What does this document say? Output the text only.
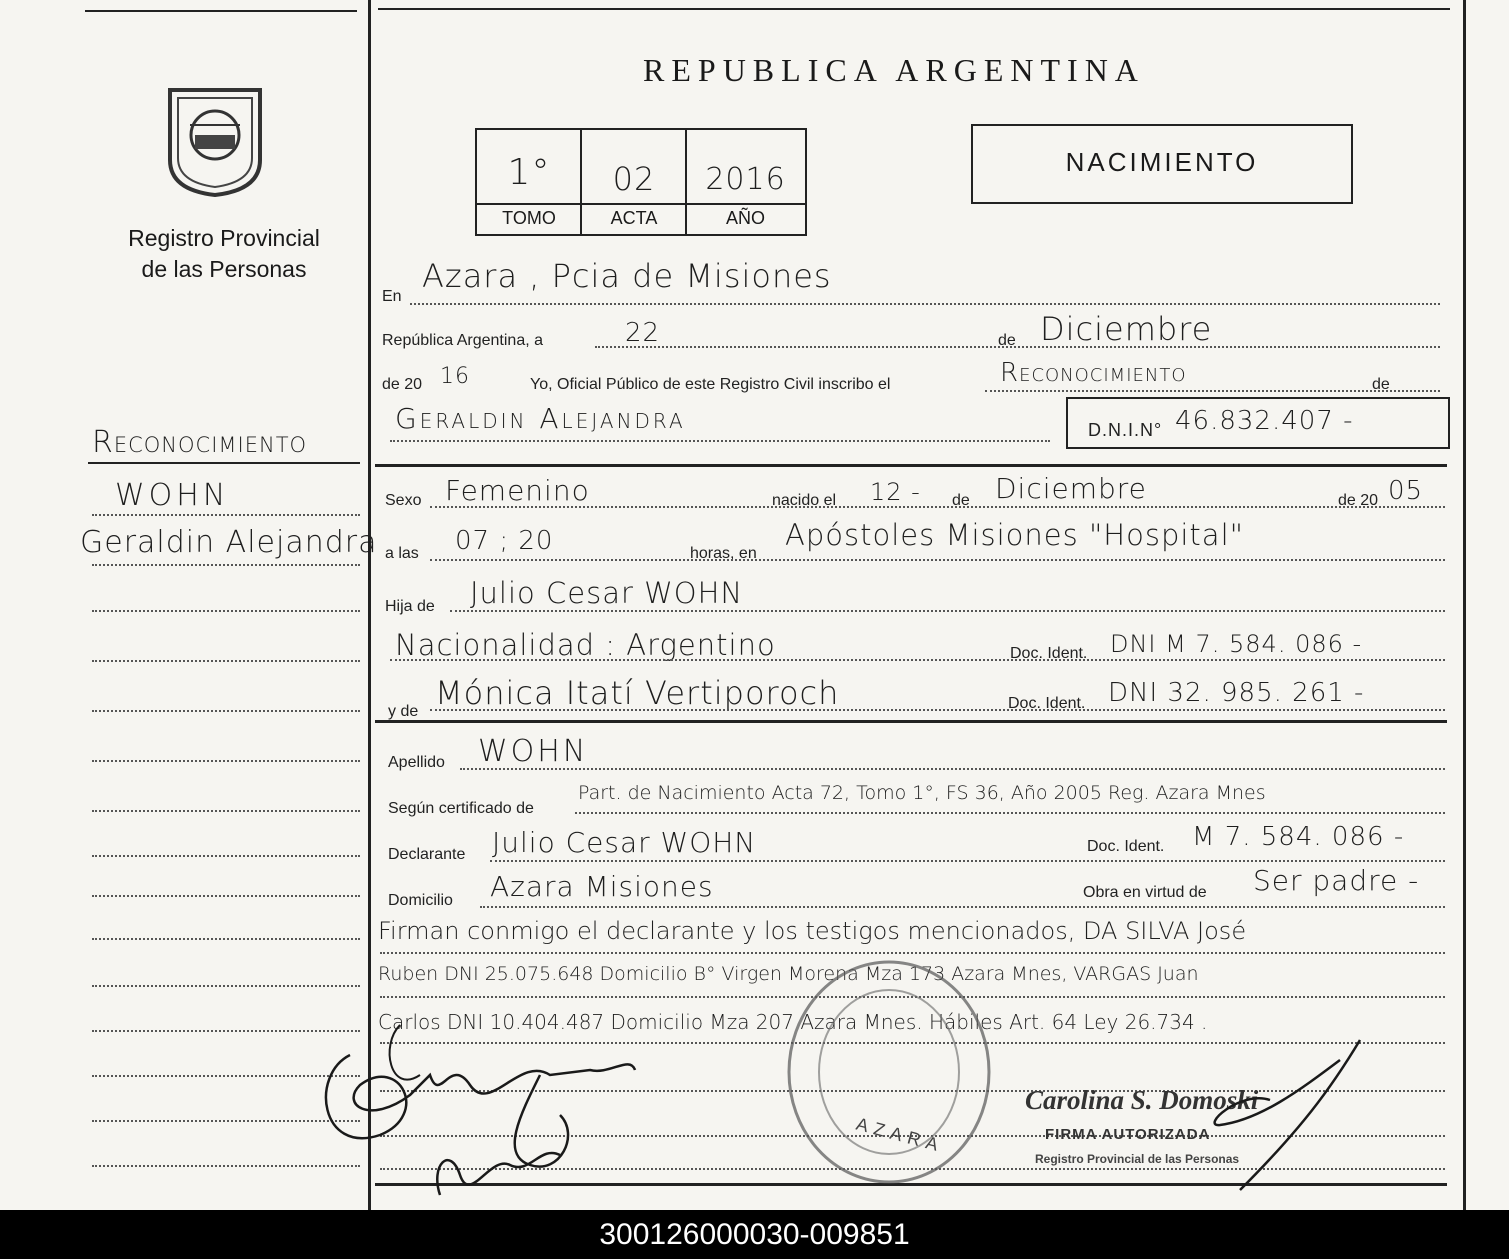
Registro Provincial
de las Personas
Reconocimiento
WOHN
Geraldin Alejandra
REPUBLICA ARGENTINA
1°	02	2016
TOMO	ACTA	AÑO
NACIMIENTO
En
Azara , Pcia de Misiones
República Argentina, a	22	de Diciembre
de 20 16	Yo, Oficial Público de este Registro Civil inscribo el	Reconocimiento	de
Geraldin Alejandra	D.N.I.N° 46.832.407 -
Sexo Femenino	nacido el 12 - de Diciembre	de 20 05
a las 07 ; 20	horas, en
Apóstoles Misiones "Hospital"
Hija de Julio Cesar WOHN
Nacionalidad : Argentino	Doc. Ident. DNI M 7. 584. 086 -
y de Mónica Itatí Vertiporoch	Doc. Ident. DNI 32. 985. 261 -
Apellido WOHN
Según certificado de
Part. de Nacimiento Acta 72, Tomo 1°, FS 36, Año 2005 Reg. Azara Mnes
Declarante Julio Cesar WOHN	Doc. Ident. M 7. 584. 086 -
Domicilio Azara Misiones	Obra en virtud de Ser padre -
Firman conmigo el declarante y los testigos mencionados, DA SILVA José
Ruben DNI 25.075.648 Domicilio B° Virgen Morena Mza 173 Azara Mnes, VARGAS Juan
Carlos DNI 10.404.487 Domicilio Mza 207 Azara Mnes. Hábiles Art. 64 Ley 26.734 .
AZARA
Carolina S. Domoski
FIRMA AUTORIZADA
Registro Provincial de las Personas
300126000030-009851
